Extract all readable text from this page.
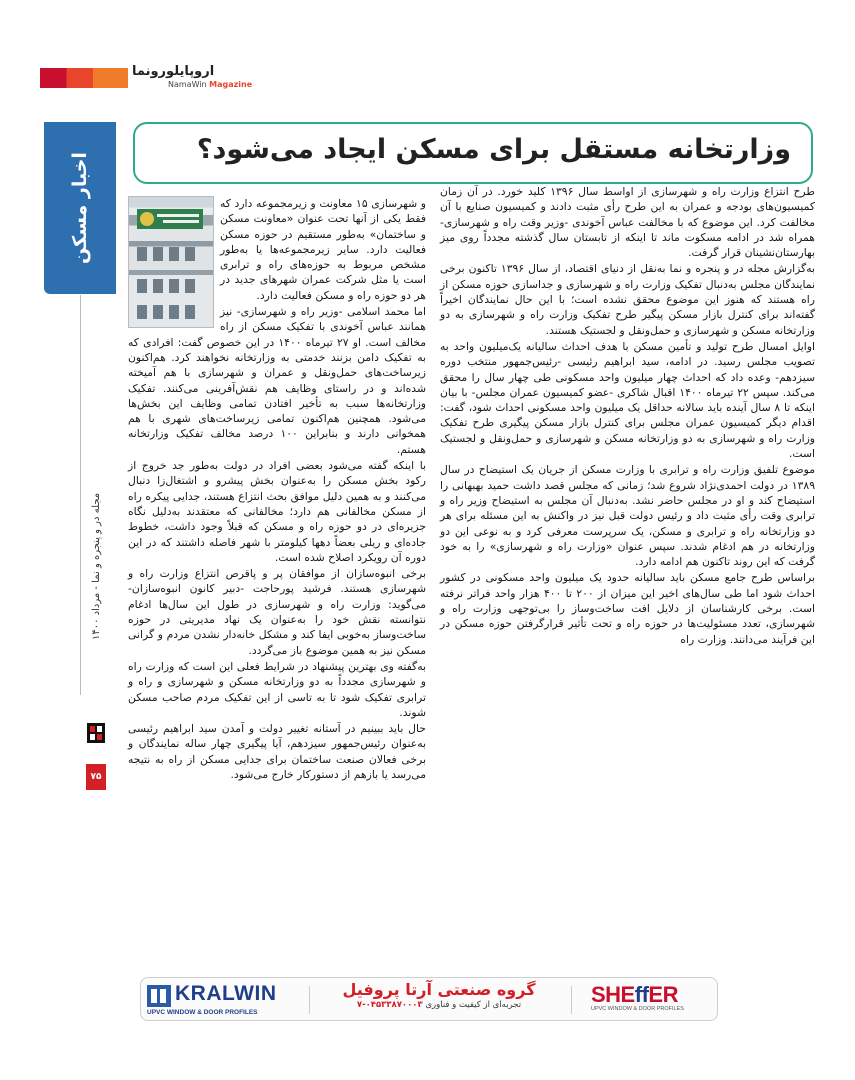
اروپایلورونما
NamaWin Magazine
اخبار مسکن
مجله در و پنجره و نما - مرداد ۱۴۰۰
۷۵
وزارتخانه مستقل برای مسکن ایجاد می‌شود؟

طرح انتزاع وزارت راه و شهرسازی از اواسط سال ۱۳۹۶ کلید خورد. در آن زمان کمیسیون‌های بودجه و عمران به این طرح رأی مثبت دادند و کمیسیون صنایع با آن مخالفت کرد. این موضوع که با مخالفت عباس آخوندی -وزیر وقت راه و شهرسازی- همراه شد در ادامه مسکوت ماند تا اینکه از تابستان سال گذشته مجدداً روی میز بهارستان‌نشینان قرار گرفت.

به‌گزارش مجله در و پنجره و نما به‌نقل از دنیای اقتصاد، از سال ۱۳۹۶ تاکنون برخی نمایندگان مجلس به‌دنبال تفکیک وزارت راه و شهرسازی و جداسازی حوزه مسکن از راه هستند که هنوز این موضوع محقق نشده است؛ با این حال نمایندگان اخیراً گفته‌اند برای کنترل بازار مسکن پیگیر طرح تفکیک وزارت راه و شهرسازی به دو وزارتخانه مسکن و شهرسازی و حمل‌ونقل و لجستیک هستند.

اوایل امسال طرح تولید و تأمین مسکن با هدف احداث سالیانه یک‌میلیون واحد به تصویب مجلس رسید. در ادامه، سید ابراهیم رئیسی -رئیس‌جمهور منتخب دوره سیزدهم- وعده داد که احداث چهار میلیون واحد مسکونی طی چهار سال را محقق می‌کند. سپس ۲۲ تیرماه ۱۴۰۰ اقبال شاکری -عضو کمیسیون عمران مجلس- با بیان اینکه تا ۸ سال آینده باید سالانه حداقل یک میلیون واحد مسکونی احداث شود، گفت: اقدام دیگر کمیسیون عمران مجلس برای کنترل بازار مسکن پیگیری طرح تفکیک وزارت راه و شهرسازی به دو وزارتخانه مسکن و شهرسازی و حمل‌ونقل و لجستیک است.

موضوع تلفیق وزارت راه و ترابری با وزارت مسکن از جریان یک استیضاح در سال ۱۳۸۹ در دولت احمدی‌نژاد شروع شد؛ زمانی که مجلس قصد داشت حمید بهبهانی را استیضاح کند و او در مجلس حاضر نشد. به‌دنبال آن مجلس به استیضاح وزیر راه و ترابری وقت رأی مثبت داد و رئیس دولت قبل نیز در واکنش به این مسئله برای هر دو وزارتخانه راه و ترابری و مسکن، یک سرپرست معرفی کرد و به نوعی این دو وزارتخانه در هم ادغام شدند. سپس عنوان «وزارت راه و شهرسازی» را به خود گرفت که این روند تاکنون هم ادامه دارد.

براساس طرح جامع مسکن باید سالیانه حدود یک میلیون واحد مسکونی در کشور احداث شود اما طی سال‌های اخیر این میزان از ۲۰۰ تا ۴۰۰ هزار واحد فراتر نرفته است. برخی کارشناسان از دلایل افت ساخت‌وساز را بی‌توجهی وزارت راه و شهرسازی، تعدد مسئولیت‌ها در حوزه راه و تحت تأثیر قرارگرفتن حوزه مسکن در این فرآیند می‌دانند. وزارت راه

و شهرسازی ۱۵ معاونت و زیرمجموعه دارد که فقط یکی از آنها تحت عنوان «معاونت مسکن و ساختمان» به‌طور مستقیم در حوزه مسکن فعالیت دارد. سایر زیرمجموعه‌ها یا به‌طور مشخص مربوط به حوزه‌های راه و ترابری است یا مثل شرکت عمران شهرهای جدید در هر دو حوزه راه و مسکن فعالیت دارد.

اما محمد اسلامی -وزیر راه و شهرسازی- نیز همانند عباس آخوندی با تفکیک مسکن از راه مخالف است. او ۲۷ تیرماه ۱۴۰۰ در این خصوص گفت: افرادی که به تفکیک دامن بزنند خدمتی به وزارتخانه نخواهند کرد. هم‌اکنون زیرساخت‌های حمل‌ونقل و عمران و شهرسازی با هم آمیخته شده‌اند و در راستای وظایف هم نقش‌آفرینی می‌کنند. تفکیک وزارتخانه‌ها سبب به تأخیر افتادن تمامی وظایف این بخش‌ها می‌شود. همچنین هم‌اکنون تمامی زیرساخت‌های شهری با هم همخوانی دارند و بنابراین ۱۰۰ درصد مخالف تفکیک وزارتخانه هستم.

با اینکه گفته می‌شود بعضی افراد در دولت به‌طور جد خروج از رکود بخش مسکن را به‌عنوان بخش پیشرو و اشتغال‌زا دنبال می‌کنند و به همین دلیل موافق بحث انتزاع هستند، جدایی پیکره راه از مسکن مخالفانی هم دارد؛ مخالفانی که معتقدند به‌دلیل نگاه جزیره‌ای در دو حوزه راه و مسکن که قبلاً وجود داشت، خطوط جاده‌ای و ریلی بعضاً دهها کیلومتر با شهر فاصله داشتند که در این دوره آن رویکرد اصلاح شده است.

برخی انبوه‌سازان از موافقان پر و پاقرص انتزاع وزارت راه و شهرسازی هستند. فرشید پورحاجت -دبیر کانون انبوه‌سازان- می‌گوید: وزارت راه و شهرسازی در طول این سال‌ها ادغام نتوانسته نقش خود را به‌عنوان یک نهاد مدیریتی در حوزه ساخت‌وساز به‌خوبی ایفا کند و مشکل خانه‌دار نشدن مردم و گرانی مسکن نیز به همین موضوع باز می‌گردد.

به‌گفته وی بهترین پیشنهاد در شرایط فعلی این است که وزارت راه و شهرسازی مجدداً به دو وزارتخانه مسکن و شهرسازی و راه و ترابری تفکیک شود تا به تاسی از این تفکیک مردم صاحب مسکن شوند.

حال باید ببینیم در آستانه تغییر دولت و آمدن سید ابراهیم رئیسی به‌عنوان رئیس‌جمهور سیزدهم، آیا پیگیری چهار ساله نمایندگان و برخی فعالان صنعت ساختمان برای جدایی مسکن از راه به نتیجه می‌رسد یا بازهم از دستورکار خارج می‌شود.

KRALWIN
UPVC WINDOW & DOOR PROFILES
گروه صنعتی آرتا پروفیل
تجربه‌ای از کیفیت و فناوری ۰۴۵۳۳۸۷۰۰۰۳-۷	SHEffER
UPVC WINDOW & DOOR PROFILES
